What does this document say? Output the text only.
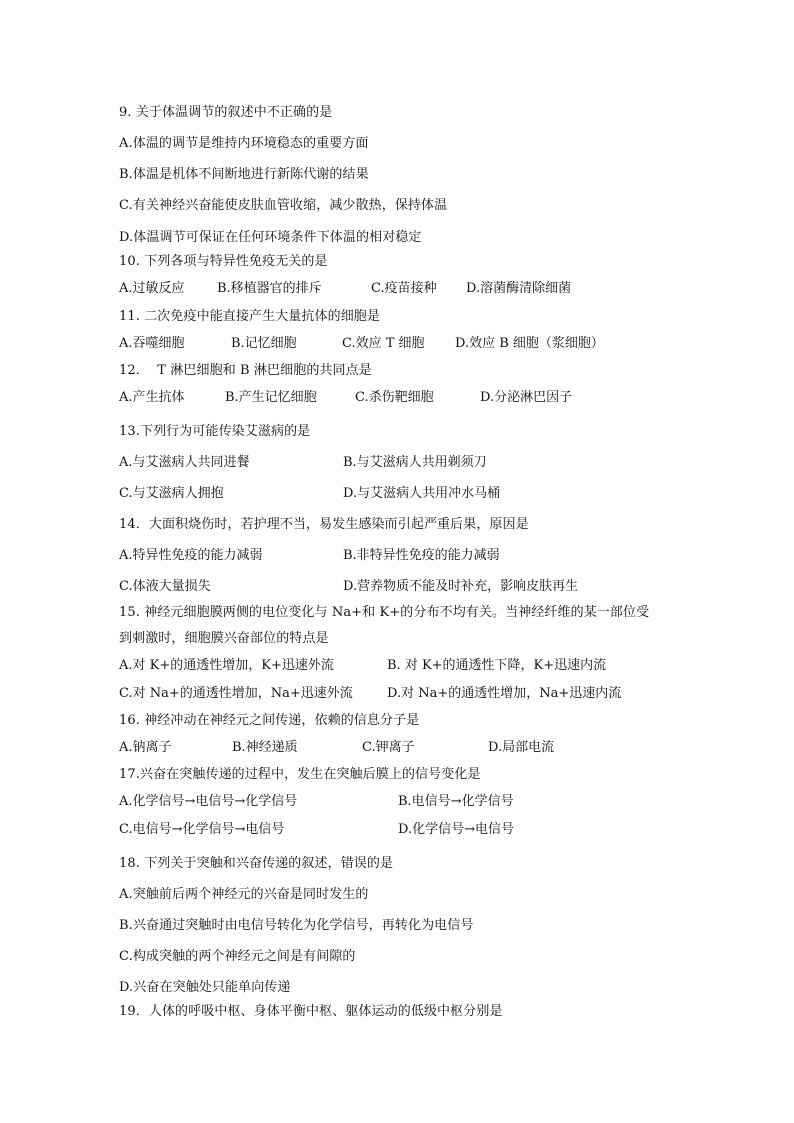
9. 关于体温调节的叙述中不正确的是
A.体温的调节是维持内环境稳态的重要方面
B.体温是机体不间断地进行新陈代谢的结果
C.有关神经兴奋能使皮肤血管收缩，减少散热，保持体温
D.体温调节可保证在任何环境条件下体温的相对稳定
10. 下列各项与特异性免疫无关的是
A.过敏反应 B.移植器官的排斥	C.疫苗接种 D.溶菌酶清除细菌
11. 二次免疫中能直接产生大量抗体的细胞是
A.吞噬细胞	B.记忆细胞	C.效应 T 细胞 D.效应 B 细胞（浆细胞）
12．  T 淋巴细胞和 B 淋巴细胞的共同点是
A.产生抗体	B.产生记忆细胞	C.杀伤靶细胞	D.分泌淋巴因子
13.下列行为可能传染艾滋病的是
A.与艾滋病人共同进餐	B.与艾滋病人共用剃须刀
C.与艾滋病人拥抱	D.与艾滋病人共用冲水马桶
14．大面积烧伤时，若护理不当，易发生感染而引起严重后果，原因是
A.特异性免疫的能力减弱	B.非特异性免疫的能力减弱
C.体液大量损失	D.营养物质不能及时补充，影响皮肤再生
15. 神经元细胞膜两侧的电位变化与 Na+和 K+的分布不均有关。当神经纤维的某一部位受
到刺激时，细胞膜兴奋部位的特点是
A.对 K+的通透性增加，K+迅速外流	B. 对 K+的通透性下降，K+迅速内流
C.对 Na+的通透性增加，Na+迅速外流	D.对 Na+的通透性增加，Na+迅速内流
16. 神经冲动在神经元之间传递，依赖的信息分子是
A.钠离子	B.神经递质	C.钾离子	D.局部电流
17.兴奋在突触传递的过程中，发生在突触后膜上的信号变化是
A.化学信号→电信号→化学信号	B.电信号→化学信号
C.电信号→化学信号→电信号	D.化学信号→电信号
18. 下列关于突触和兴奋传递的叙述，错误的是
A.突触前后两个神经元的兴奋是同时发生的
B.兴奋通过突触时由电信号转化为化学信号，再转化为电信号
C.构成突触的两个神经元之间是有间隙的
D.兴奋在突触处只能单向传递
19．人体的呼吸中枢、身体平衡中枢、躯体运动的低级中枢分别是
